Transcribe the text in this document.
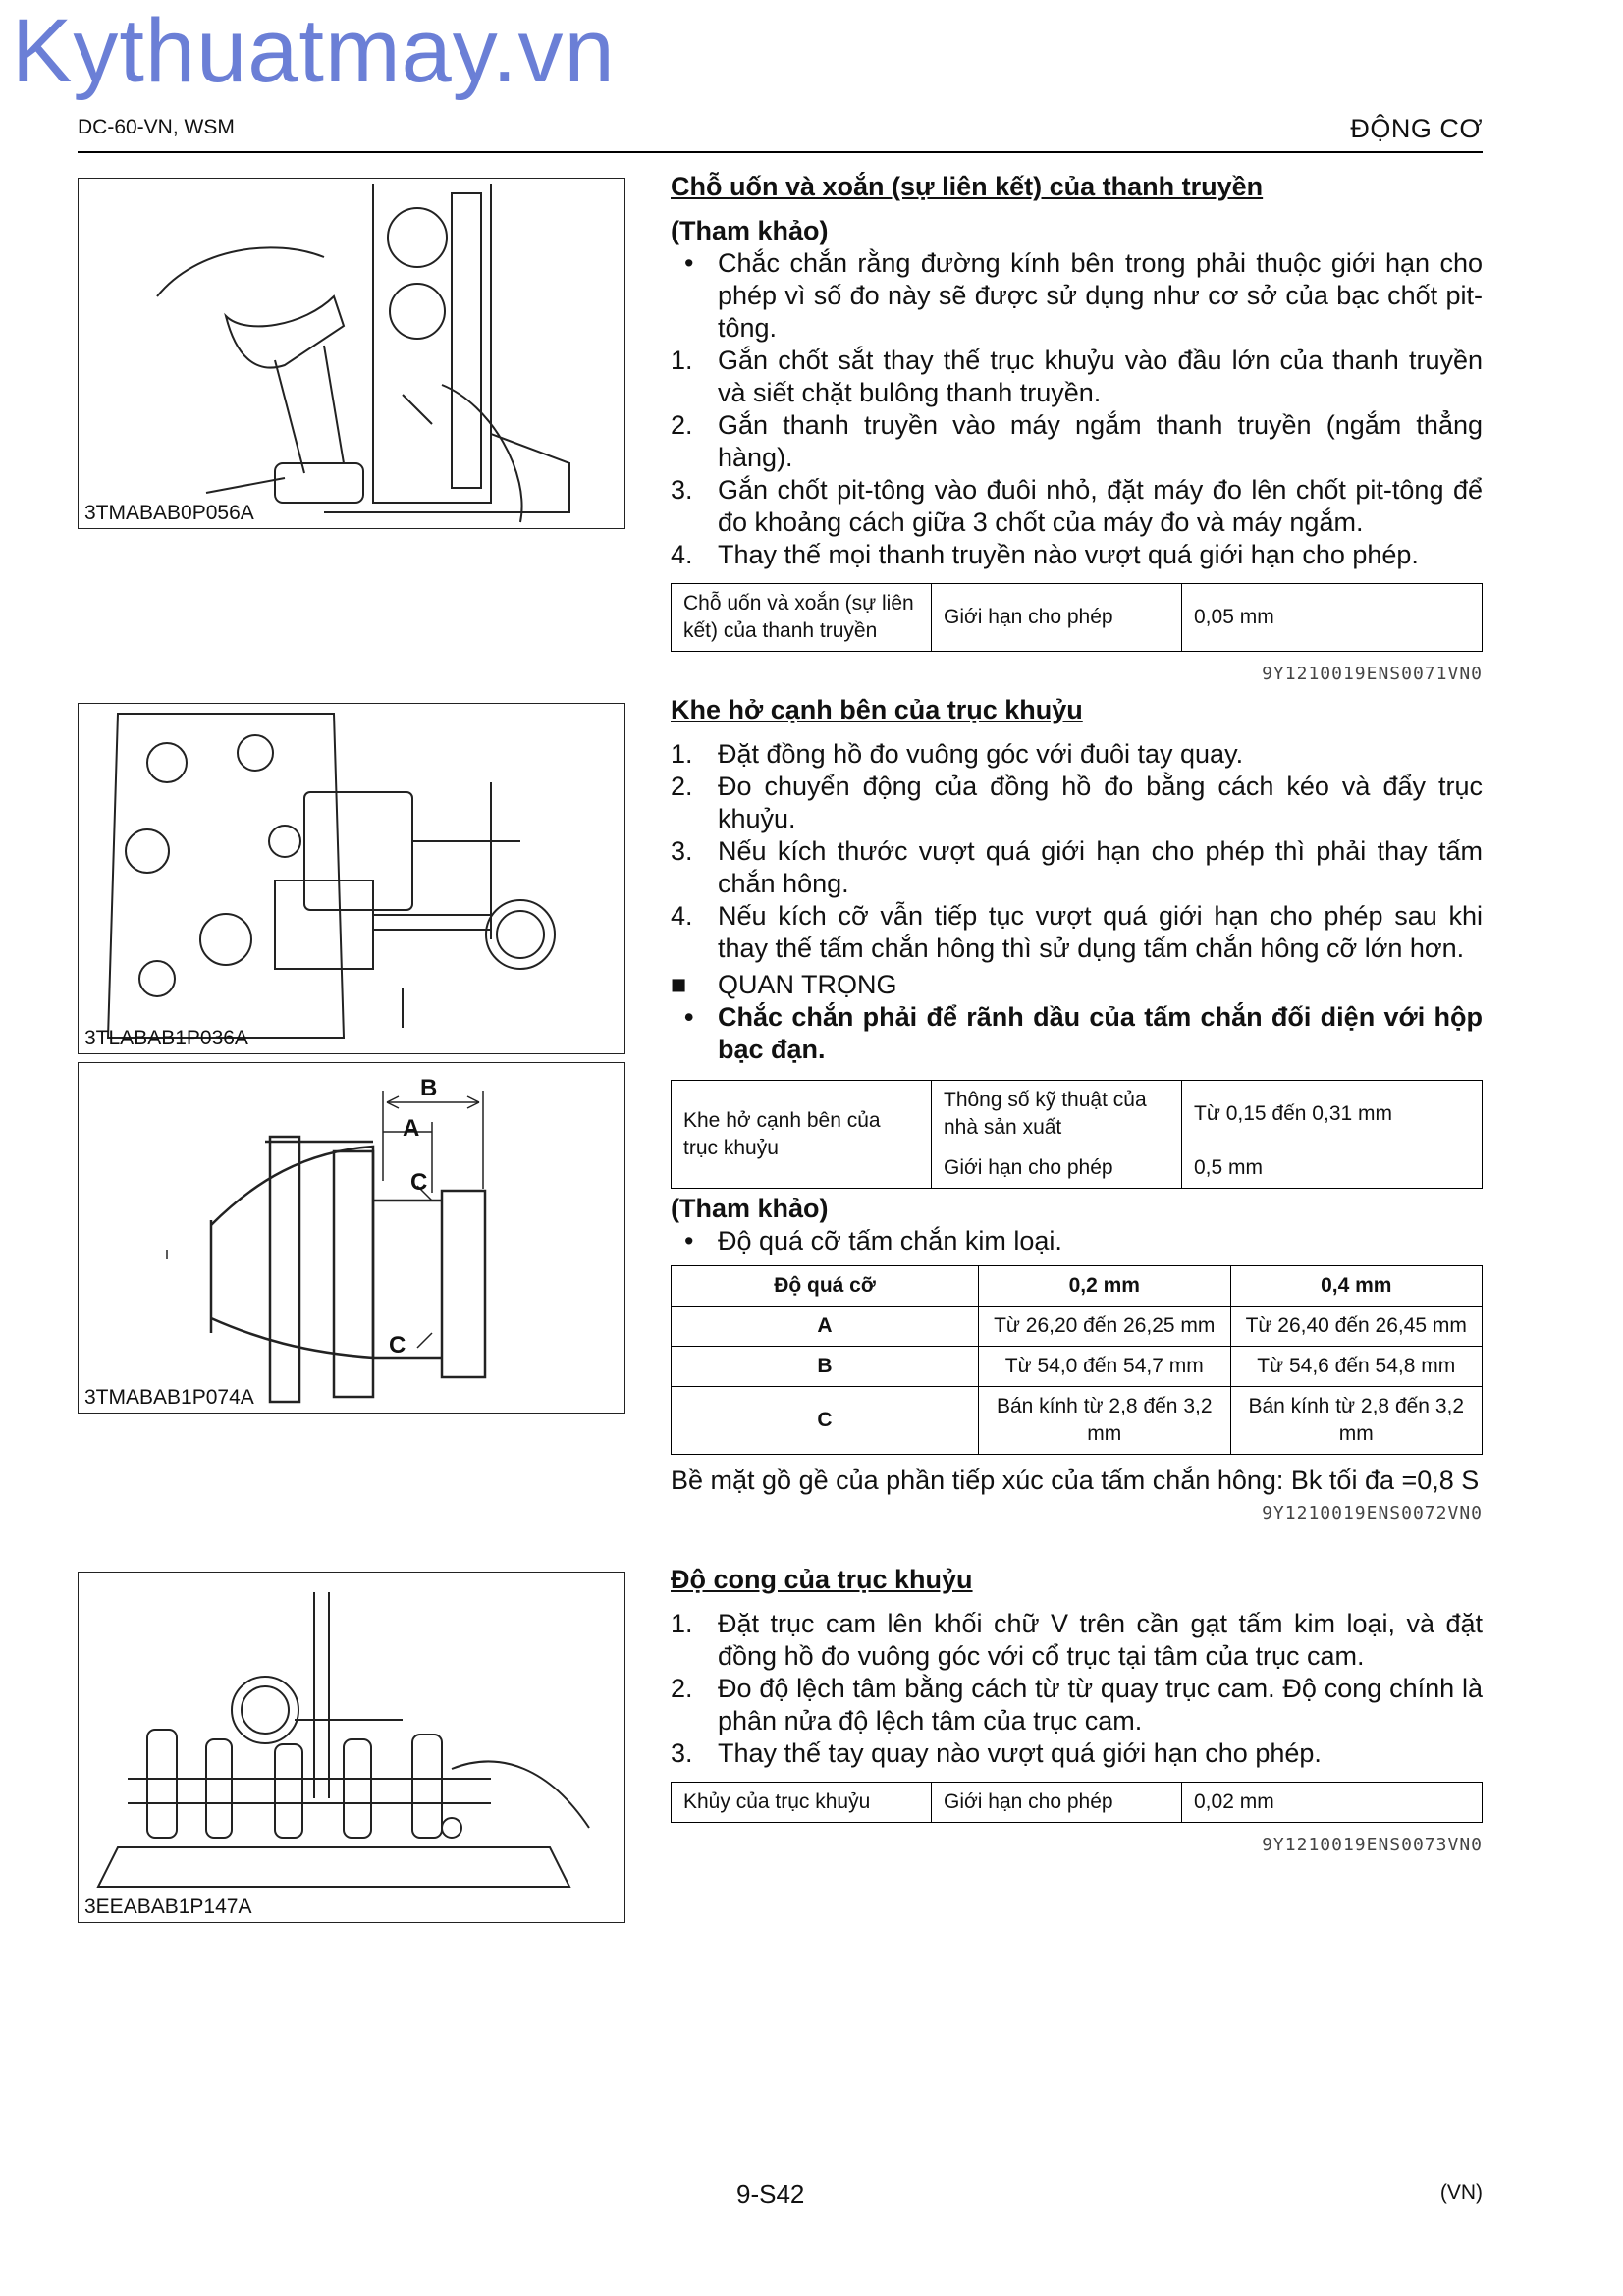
Kythuatmay.vn
DC-60-VN, WSM	ĐỘNG CƠ
3TMABAB0P056A
3TLABAB1P036A
B
A
C
C
3TMABAB1P074A
3EEABAB1P147A
Chỗ uốn và xoắn (sự liên kết) của thanh truyền
(Tham khảo)
• Chắc chắn rằng đường kính bên trong phải thuộc giới hạn cho phép vì số đo này sẽ được sử dụng như cơ sở của bạc chốt pit-tông.
1. Gắn chốt sắt thay thế trục khuỷu vào đầu lớn của thanh truyền và siết chặt bulông thanh truyền.
2. Gắn thanh truyền vào máy ngắm thanh truyền (ngắm thẳng hàng).
3. Gắn chốt pit-tông vào đuôi nhỏ, đặt máy đo lên chốt pit-tông để đo khoảng cách giữa 3 chốt của máy đo và máy ngắm.
4. Thay thế mọi thanh truyền nào vượt quá giới hạn cho phép.
Chỗ uốn và xoắn (sự liên kết) của thanh truyền	Giới hạn cho phép	0,05 mm
9Y1210019ENS0071VN0
Khe hở cạnh bên của trục khuỷu
1. Đặt đồng hồ đo vuông góc với đuôi tay quay.
2. Đo chuyển động của đồng hồ đo bằng cách kéo và đẩy trục khuỷu.
3. Nếu kích thước vượt quá giới hạn cho phép thì phải thay tấm chắn hông.
4. Nếu kích cỡ vẫn tiếp tục vượt quá giới hạn cho phép sau khi thay thế tấm chắn hông thì sử dụng tấm chắn hông cỡ lớn hơn.
■ QUAN TRỌNG
• Chắc chắn phải để rãnh dầu của tấm chắn đối diện với hộp bạc đạn.
Khe hở cạnh bên của trục khuỷu	Thông số kỹ thuật của nhà sản xuất	Từ 0,15 đến 0,31 mm
	Giới hạn cho phép	0,5 mm
(Tham khảo)
• Độ quá cỡ tấm chắn kim loại.
Độ quá cỡ	0,2 mm	0,4 mm
A	Từ 26,20 đến 26,25 mm	Từ 26,40 đến 26,45 mm
B	Từ 54,0 đến 54,7 mm	Từ 54,6 đến 54,8 mm
C	Bán kính từ 2,8 đến 3,2 mm	Bán kính từ 2,8 đến 3,2 mm
Bề mặt gồ gề của phần tiếp xúc của tấm chắn hông: Bk tối đa =0,8 S
9Y1210019ENS0072VN0
Độ cong của trục khuỷu
1. Đặt trục cam lên khối chữ V trên cần gạt tấm kim loại, và đặt đồng hồ đo vuông góc với cổ trục tại tâm của trục cam.
2. Đo độ lệch tâm bằng cách từ từ quay trục cam. Độ cong chính là phân nửa độ lệch tâm của trục cam.
3. Thay thế tay quay nào vượt quá giới hạn cho phép.
Khủy của trục khuỷu	Giới hạn cho phép	0,02 mm
9Y1210019ENS0073VN0
9-S42	(VN)
